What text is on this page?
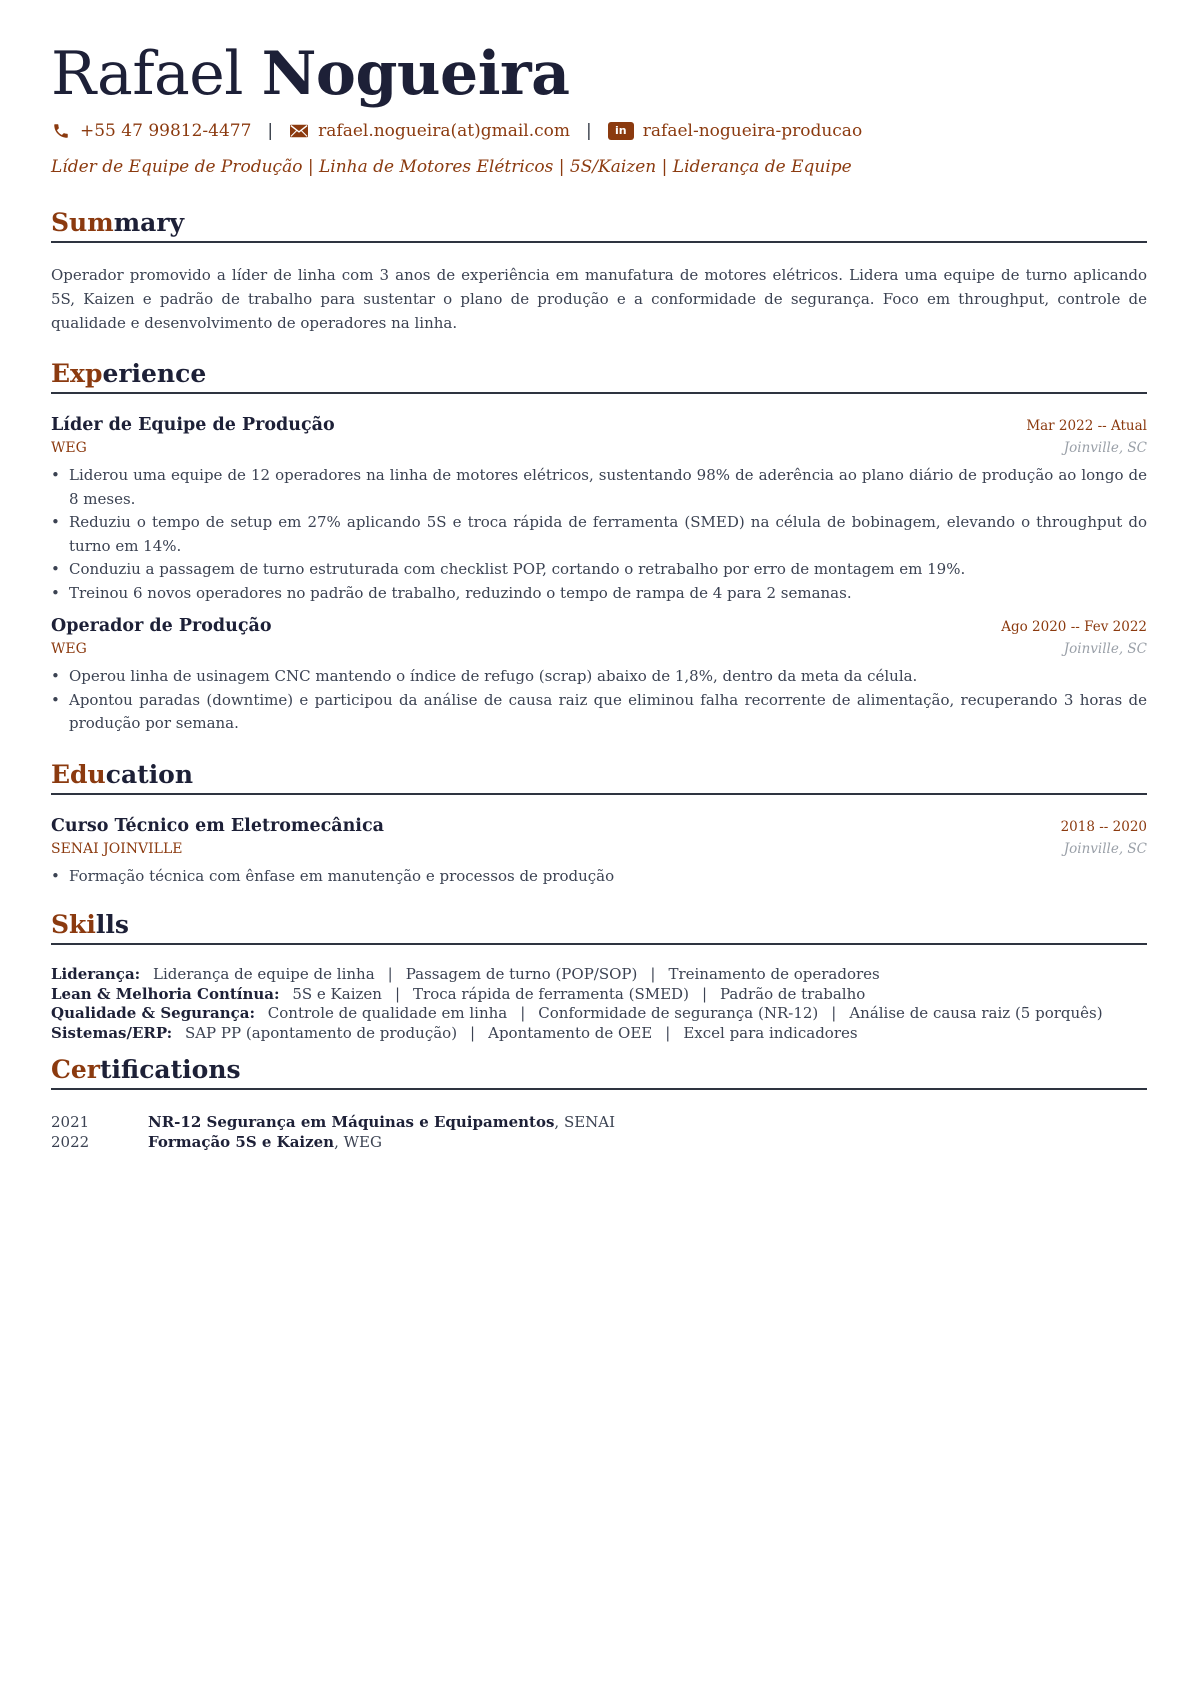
Rafael Nogueira
+55 47 99812-4477 |	rafael.nogueira(at)gmail.com |	in rafael-nogueira-producao
Líder de Equipe de Produção | Linha de Motores Elétricos | 5S/Kaizen | Liderança de Equipe
Summary

Operador promovido a líder de linha com 3 anos de experiência em manufatura de motores elétricos. Lidera uma equipe de turno aplicando 5S, Kaizen e padrão de trabalho para sustentar o plano de produção e a conformidade de segurança. Foco em throughput, controle de qualidade e desenvolvimento de operadores na linha.

Experience
Líder de Equipe de Produção	Mar 2022 -- Atual
WEG	Joinville, SC
• Liderou uma equipe de 12 operadores na linha de motores elétricos, sustentando 98% de aderência ao plano diário de produção ao longo de 8 meses.
• Reduziu o tempo de setup em 27% aplicando 5S e troca rápida de ferramenta (SMED) na célula de bobinagem, elevando o throughput do turno em 14%.
• Conduziu a passagem de turno estruturada com checklist POP, cortando o retrabalho por erro de montagem em 19%.
• Treinou 6 novos operadores no padrão de trabalho, reduzindo o tempo de rampa de 4 para 2 semanas.
Operador de Produção	Ago 2020 -- Fev 2022
WEG	Joinville, SC
• Operou linha de usinagem CNC mantendo o índice de refugo (scrap) abaixo de 1,8%, dentro da meta da célula.
• Apontou paradas (downtime) e participou da análise de causa raiz que eliminou falha recorrente de alimentação, recuperando 3 horas de produção por semana.
Education
Curso Técnico em Eletromecânica	2018 -- 2020
SENAI JOINVILLE	Joinville, SC
• Formação técnica com ênfase em manutenção e processos de produção
Skills
Liderança: Liderança de equipe de linha | Passagem de turno (POP/SOP) | Treinamento de operadores
Lean & Melhoria Contínua: 5S e Kaizen | Troca rápida de ferramenta (SMED) | Padrão de trabalho
Qualidade & Segurança: Controle de qualidade em linha | Conformidade de segurança (NR-12) | Análise de causa raiz (5 porquês)
Sistemas/ERP: SAP PP (apontamento de produção) | Apontamento de OEE | Excel para indicadores
Certifications
2021	NR-12 Segurança em Máquinas e Equipamentos , SENAI
2022	Formação 5S e Kaizen , WEG
